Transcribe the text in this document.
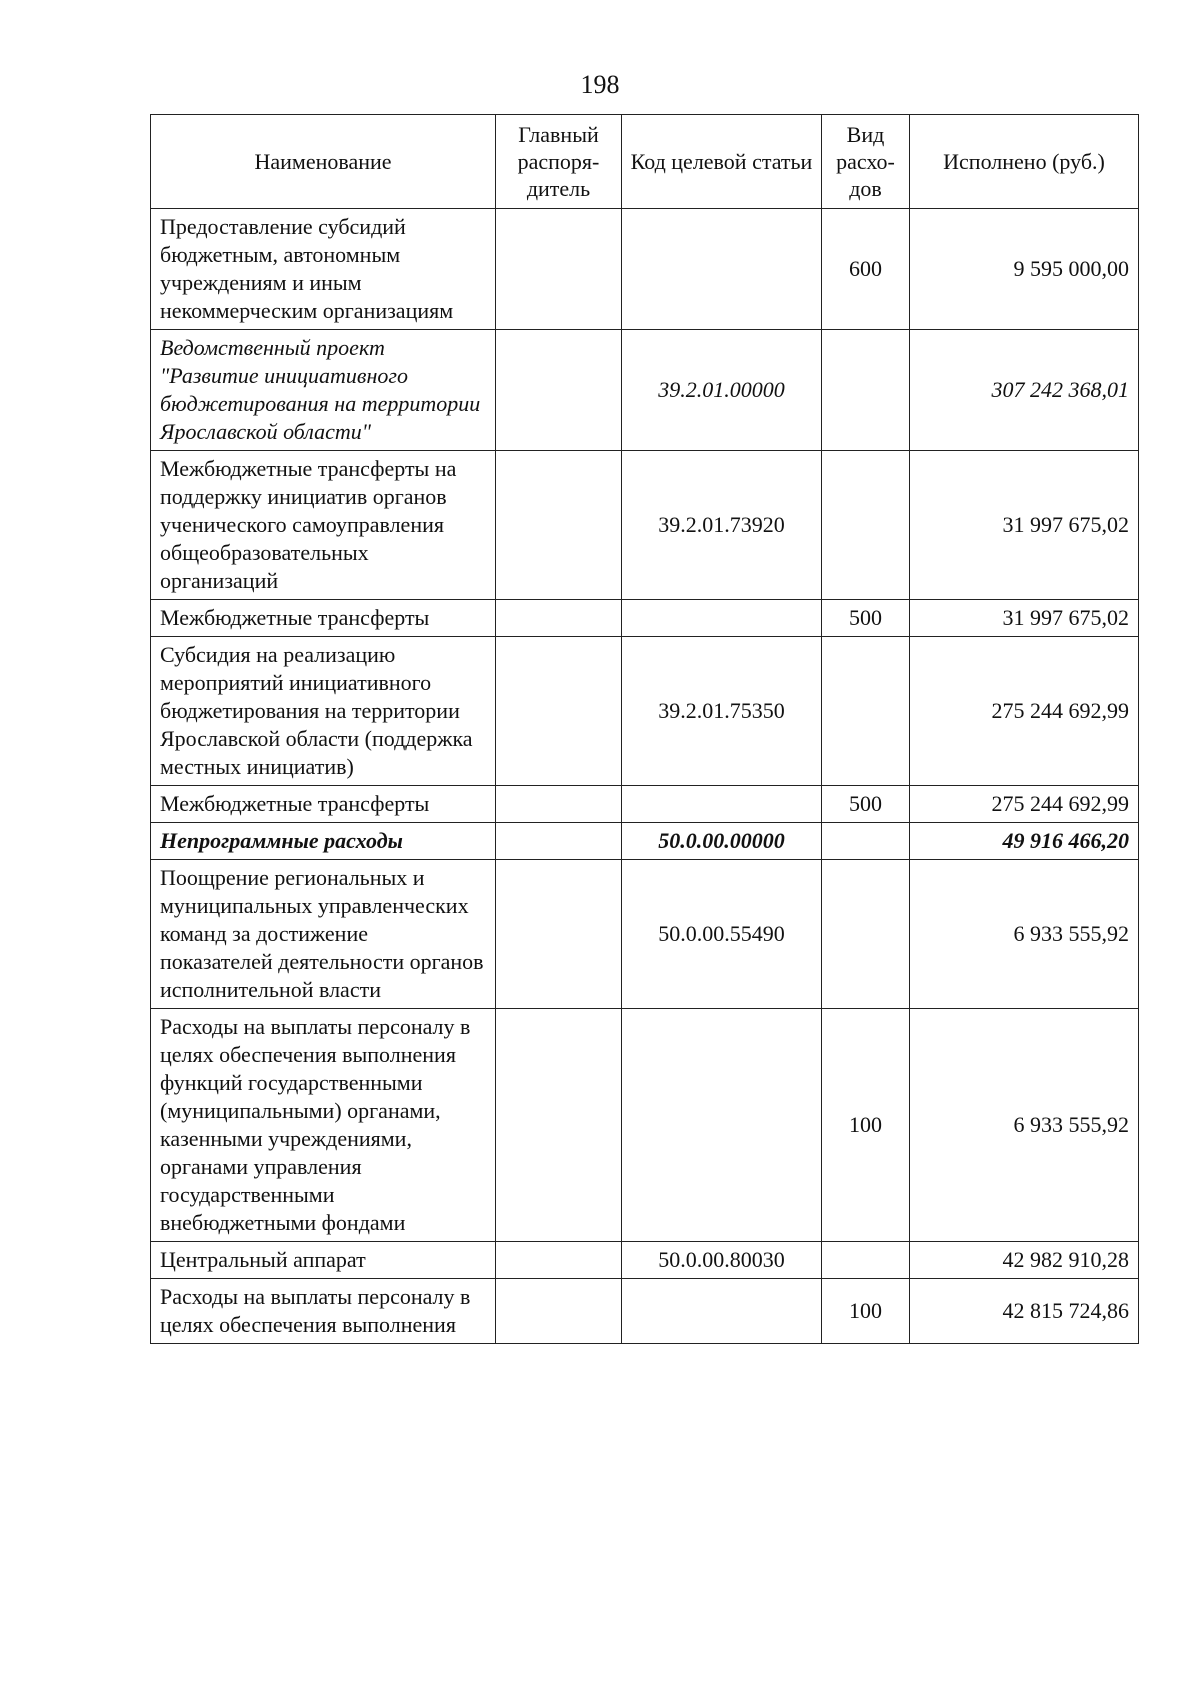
198
Наименование	Главный распоря- дитель	Код целевой статьи	Вид расхо- дов	Исполнено (руб.)
Предоставление субсидий бюджетным, автономным учреждениям и иным некоммерческим организациям			600	9 595 000,00
Ведомственный проект "Развитие инициативного бюджетирования на территории Ярославской области"		39.2.01.00000		307 242 368,01
Межбюджетные трансферты на поддержку инициатив органов ученического самоуправления общеобразовательных организаций		39.2.01.73920		31 997 675,02
Межбюджетные трансферты			500	31 997 675,02
Субсидия на реализацию мероприятий инициативного бюджетирования на территории Ярославской области (поддержка местных инициатив)		39.2.01.75350		275 244 692,99
Межбюджетные трансферты			500	275 244 692,99
Непрограммные расходы		50.0.00.00000		49 916 466,20
Поощрение региональных и муниципальных управленческих команд за достижение показателей деятельности органов исполнительной власти		50.0.00.55490		6 933 555,92
Расходы на выплаты персоналу в целях обеспечения выполнения функций государственными (муниципальными) органами, казенными учреждениями, органами управления государственными внебюджетными фондами			100	6 933 555,92
Центральный аппарат		50.0.00.80030		42 982 910,28
Расходы на выплаты персоналу в целях обеспечения выполнения			100	42 815 724,86
